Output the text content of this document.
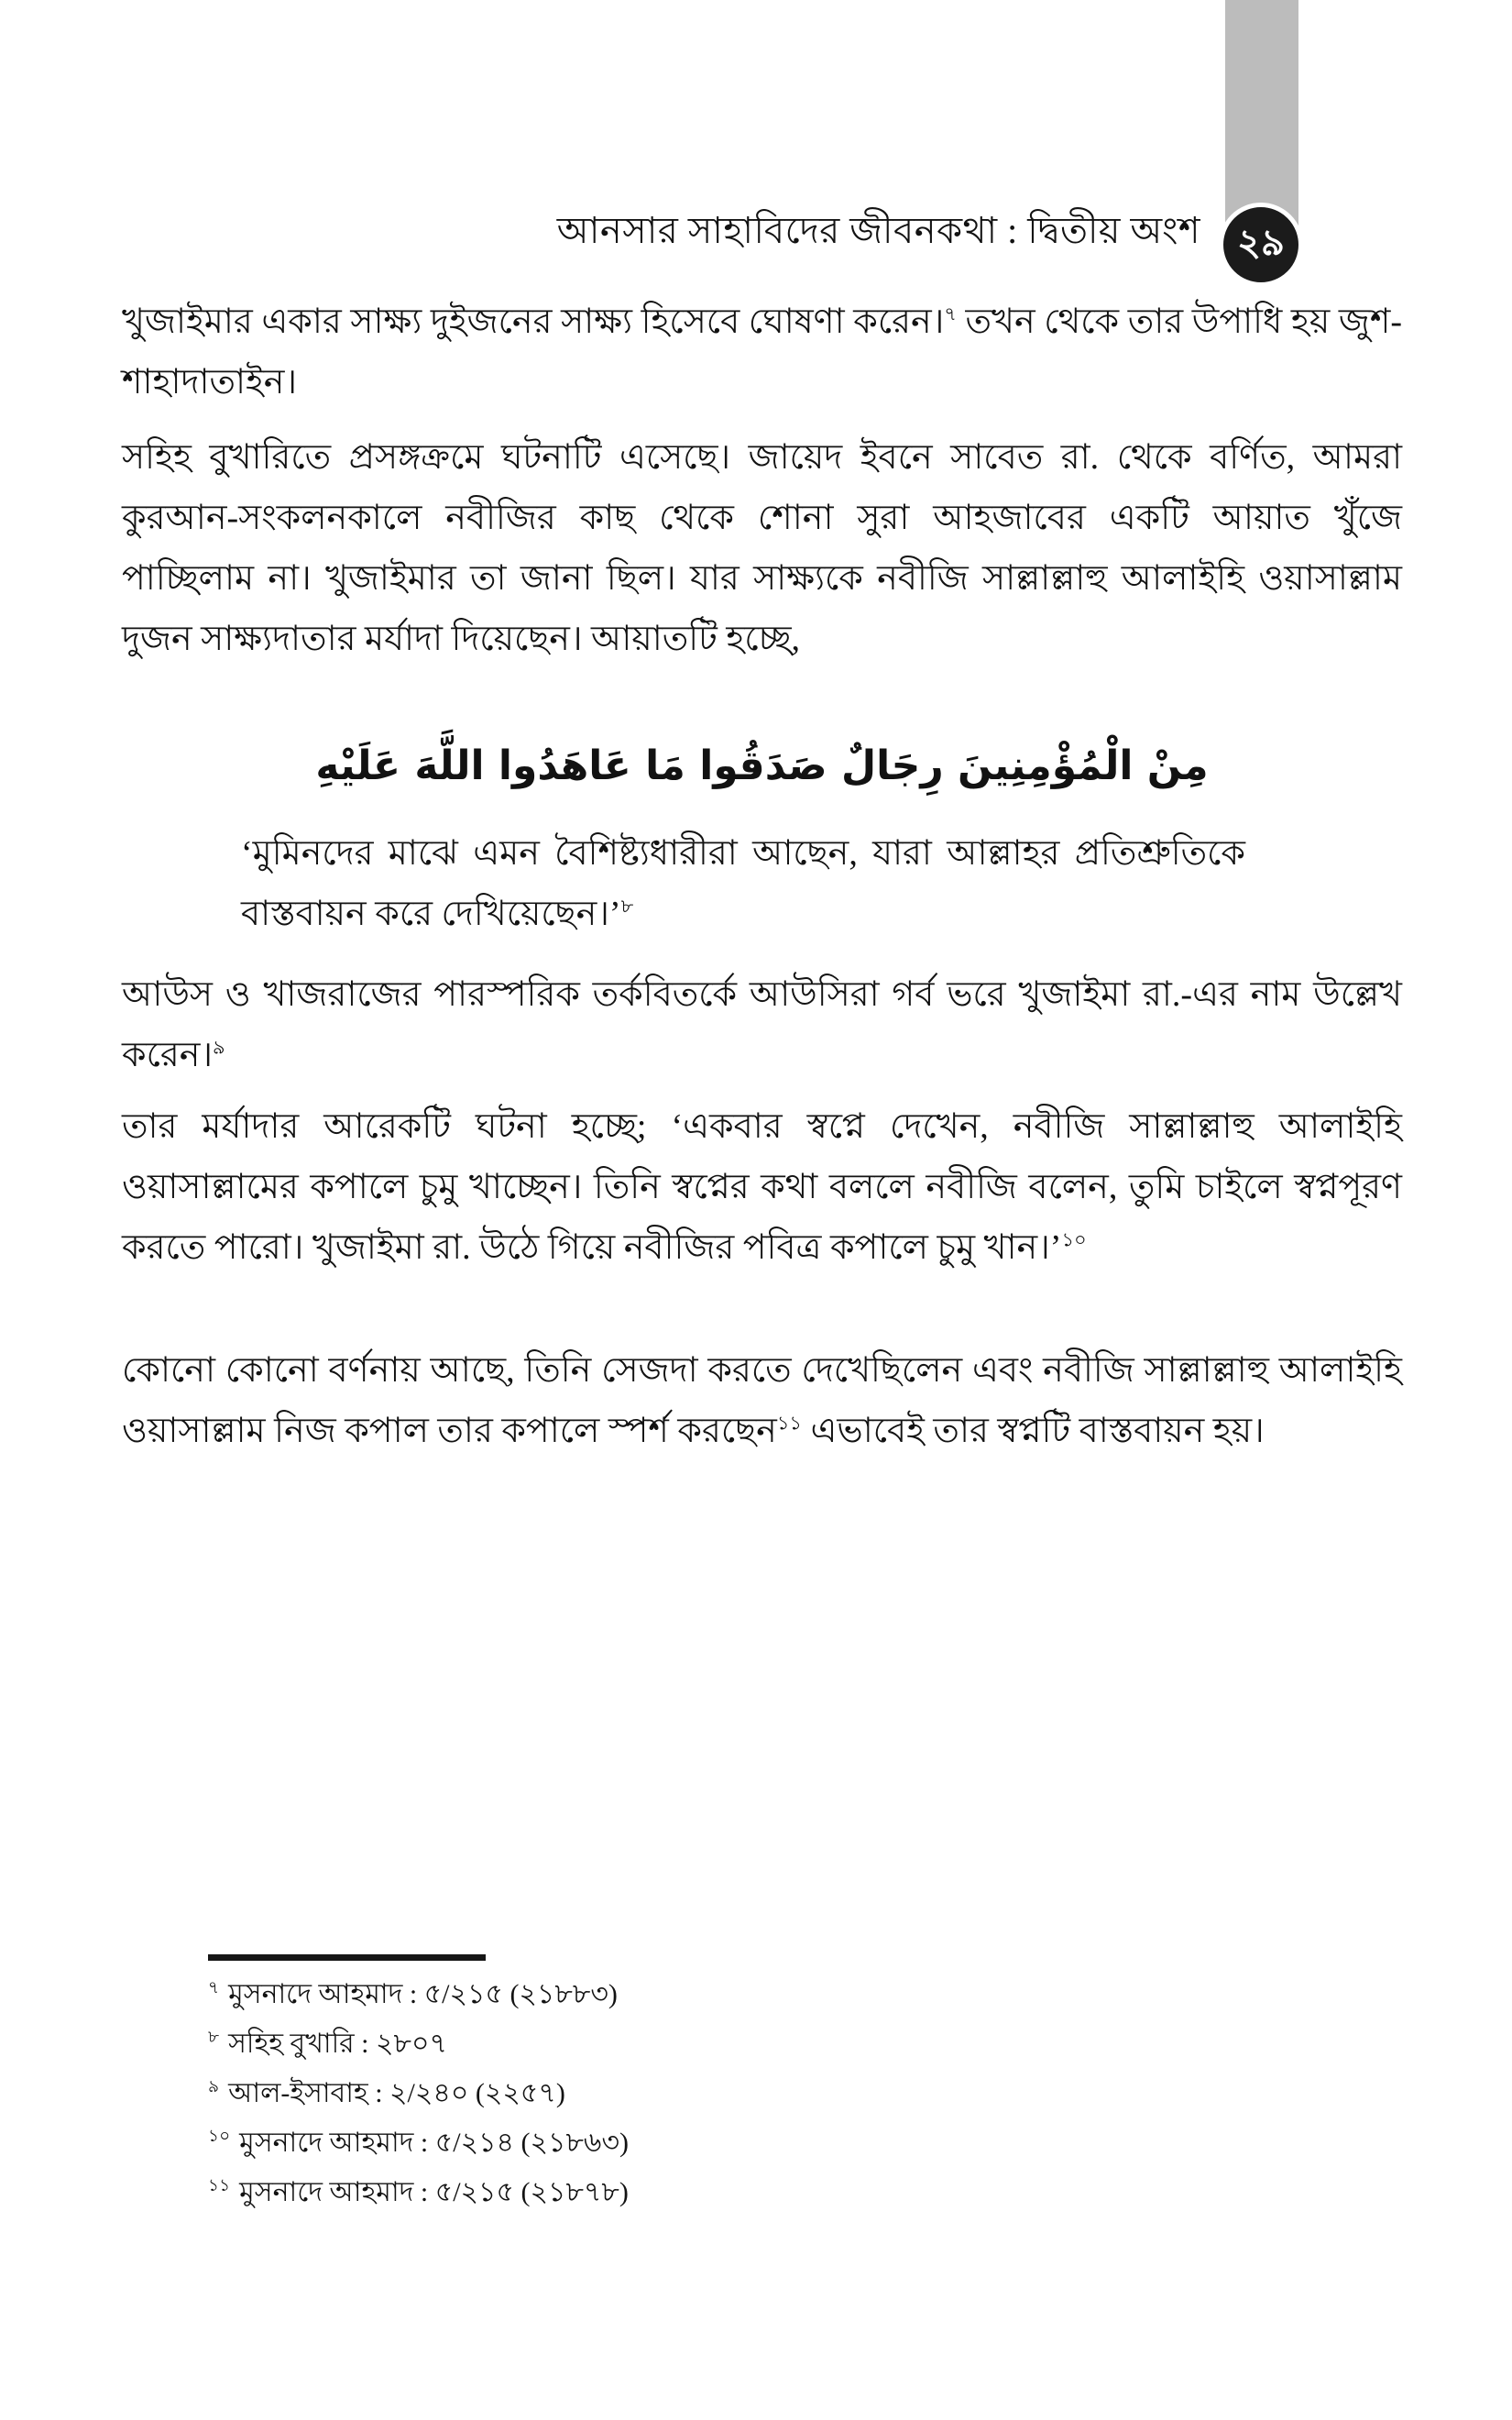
২৯
আনসার সাহাবিদের জীবনকথা : দ্বিতীয় অংশ
খুজাইমার একার সাক্ষ্য দুইজনের সাক্ষ্য হিসেবে ঘোষণা করেন।$^৭$ তখন থেকে তার উপাধি হয় জুশ-শাহাদাতাইন।
সহিহ বুখারিতে প্রসঙ্গক্রমে ঘটনাটি এসেছে। জায়েদ ইবনে সাবেত রা. থেকে বর্ণিত, আমরা কুরআন-সংকলনকালে নবীজির কাছ থেকে শোনা সুরা আহজাবের একটি আয়াত খুঁজে পাচ্ছিলাম না। খুজাইমার তা জানা ছিল। যার সাক্ষ্যকে নবীজি সাল্লাল্লাহু আলাইহি ওয়াসাল্লাম দুজন সাক্ষ্যদাতার মর্যাদা দিয়েছেন। আয়াতটি হচ্ছে,
مِنْ الْمُؤْمِنِينَ رِجَالٌ صَدَقُوا مَا عَاهَدُوا اللَّهَ عَلَيْهِ
‘মুমিনদের মাঝে এমন বৈশিষ্ট্যধারীরা আছেন, যারা আল্লাহর প্রতিশ্রুতিকে বাস্তবায়ন করে দেখিয়েছেন।’$^৮$
আউস ও খাজরাজের পারস্পরিক তর্কবিতর্কে আউসিরা গর্ব ভরে খুজাইমা রা.-এর নাম উল্লেখ করেন।$^৯$
তার মর্যাদার আরেকটি ঘটনা হচ্ছে; ‘একবার স্বপ্নে দেখেন, নবীজি সাল্লাল্লাহু আলাইহি ওয়াসাল্লামের কপালে চুমু খাচ্ছেন। তিনি স্বপ্নের কথা বললে নবীজি বলেন, তুমি চাইলে স্বপ্নপূরণ করতে পারো। খুজাইমা রা. উঠে গিয়ে নবীজির পবিত্র কপালে চুমু খান।’$^{১০}$
কোনো কোনো বর্ণনায় আছে, তিনি সেজদা করতে দেখেছিলেন এবং নবীজি সাল্লাল্লাহু আলাইহি ওয়াসাল্লাম নিজ কপাল তার কপালে স্পর্শ করছেন$^{১১}$ এভাবেই তার স্বপ্নটি বাস্তবায়ন হয়।
$^৭$ মুসনাদে আহমাদ : ৫/২১৫ (২১৮৮৩)
$^৮$ সহিহ বুখারি : ২৮০৭
$^৯$ আল-ইসাবাহ : ২/২৪০ (২২৫৭)
$^{১০}$ মুসনাদে আহমাদ : ৫/২১৪ (২১৮৬৩)
$^{১১}$ মুসনাদে আহমাদ : ৫/২১৫ (২১৮৭৮)
